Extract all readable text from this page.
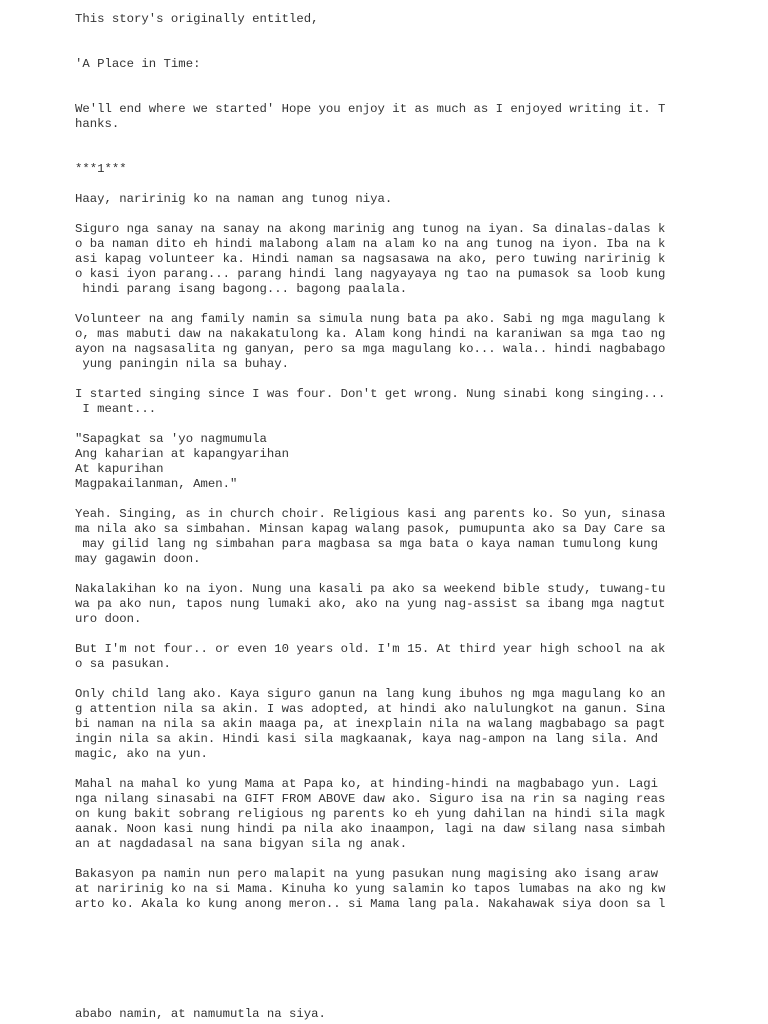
This story's originally entitled,
'A Place in Time:
We'll end where we started' Hope you enjoy it as much as I enjoyed writing it. T
hanks.
***1***
Haay, naririnig ko na naman ang tunog niya.
Siguro nga sanay na sanay na akong marinig ang tunog na iyan. Sa dinalas-dalas k
o ba naman dito eh hindi malabong alam na alam ko na ang tunog na iyon. Iba na k
asi kapag volunteer ka. Hindi naman sa nagsasawa na ako, pero tuwing naririnig k
o kasi iyon parang... parang hindi lang nagyayaya ng tao na pumasok sa loob kung
hindi parang isang bagong... bagong paalala.
Volunteer na ang family namin sa simula nung bata pa ako. Sabi ng mga magulang k
o, mas mabuti daw na nakakatulong ka. Alam kong hindi na karaniwan sa mga tao ng
ayon na nagsasalita ng ganyan, pero sa mga magulang ko... wala.. hindi nagbabago
yung paningin nila sa buhay.
I started singing since I was four. Don't get wrong. Nung sinabi kong singing...
I meant...
"Sapagkat sa 'yo nagmumula
Ang kaharian at kapangyarihan
At kapurihan
Magpakailanman, Amen."
Yeah. Singing, as in church choir. Religious kasi ang parents ko. So yun, sinasa
ma nila ako sa simbahan. Minsan kapag walang pasok, pumupunta ako sa Day Care sa
may gilid lang ng simbahan para magbasa sa mga bata o kaya naman tumulong kung
may gagawin doon.
Nakalakihan ko na iyon. Nung una kasali pa ako sa weekend bible study, tuwang-tu
wa pa ako nun, tapos nung lumaki ako, ako na yung nag-assist sa ibang mga nagtut
uro doon.
But I'm not four.. or even 10 years old. I'm 15. At third year high school na ak
o sa pasukan.
Only child lang ako. Kaya siguro ganun na lang kung ibuhos ng mga magulang ko an
g attention nila sa akin. I was adopted, at hindi ako nalulungkot na ganun. Sina
bi naman na nila sa akin maaga pa, at inexplain nila na walang magbabago sa pagt
ingin nila sa akin. Hindi kasi sila magkaanak, kaya nag-ampon na lang sila. And
magic, ako na yun.
Mahal na mahal ko yung Mama at Papa ko, at hinding-hindi na magbabago yun. Lagi
nga nilang sinasabi na GIFT FROM ABOVE daw ako. Siguro isa na rin sa naging reas
on kung bakit sobrang religious ng parents ko eh yung dahilan na hindi sila magk
aanak. Noon kasi nung hindi pa nila ako inaampon, lagi na daw silang nasa simbah
an at nagdadasal na sana bigyan sila ng anak.
Bakasyon pa namin nun pero malapit na yung pasukan nung magising ako isang araw
at naririnig ko na si Mama. Kinuha ko yung salamin ko tapos lumabas na ako ng kw
arto ko. Akala ko kung anong meron.. si Mama lang pala. Nakahawak siya doon sa l
ababo namin, at namumutla na siya.
